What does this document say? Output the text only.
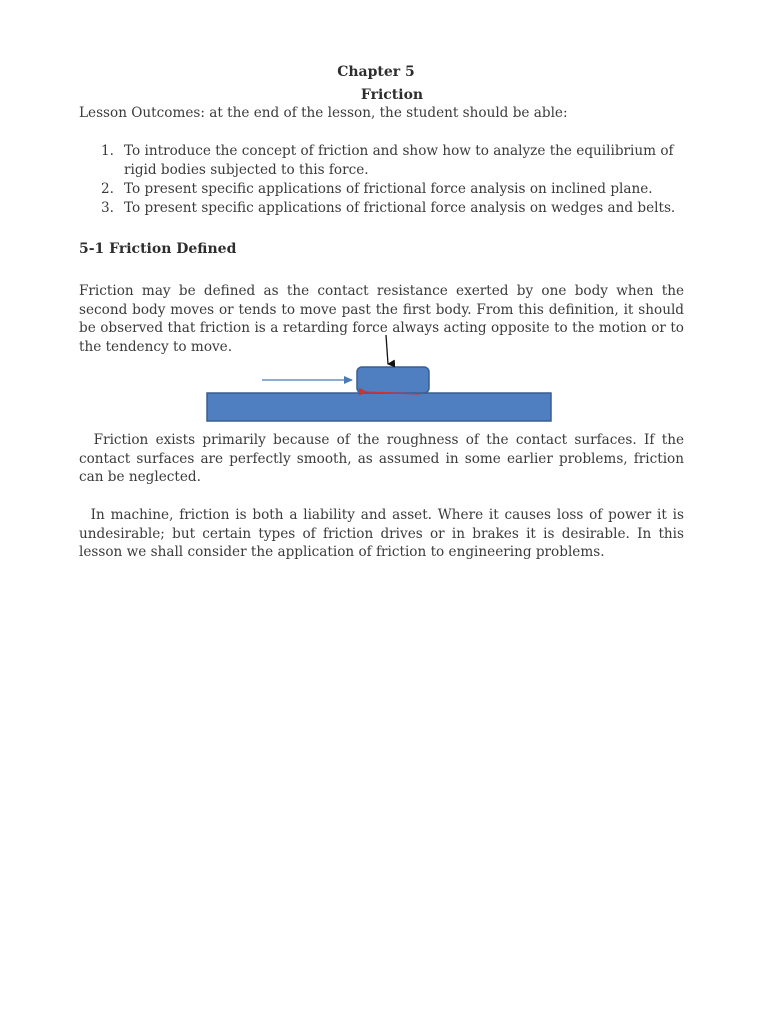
Chapter 5
Friction
Lesson Outcomes: at the end of the lesson, the student should be able:
1. To introduce the concept of friction and show how to analyze the equilibrium of rigid bodies subjected to this force.
2. To present specific applications of frictional force analysis on inclined plane.
3. To present specific applications of frictional force analysis on wedges and belts.
5-1 Friction Defined

Friction may be defined as the contact resistance exerted by one body when the second body moves or tends to move past the first body. From this definition, it should be observed that friction is a retarding force always acting opposite to the motion or to the tendency to move.

Friction exists primarily because of the roughness of the contact surfaces. If the contact surfaces are perfectly smooth, as assumed in some earlier problems, friction can be neglected.

In machine, friction is both a liability and asset. Where it causes loss of power it is undesirable; but certain types of friction drives or in brakes it is desirable. In this lesson we shall consider the application of friction to engineering problems.
